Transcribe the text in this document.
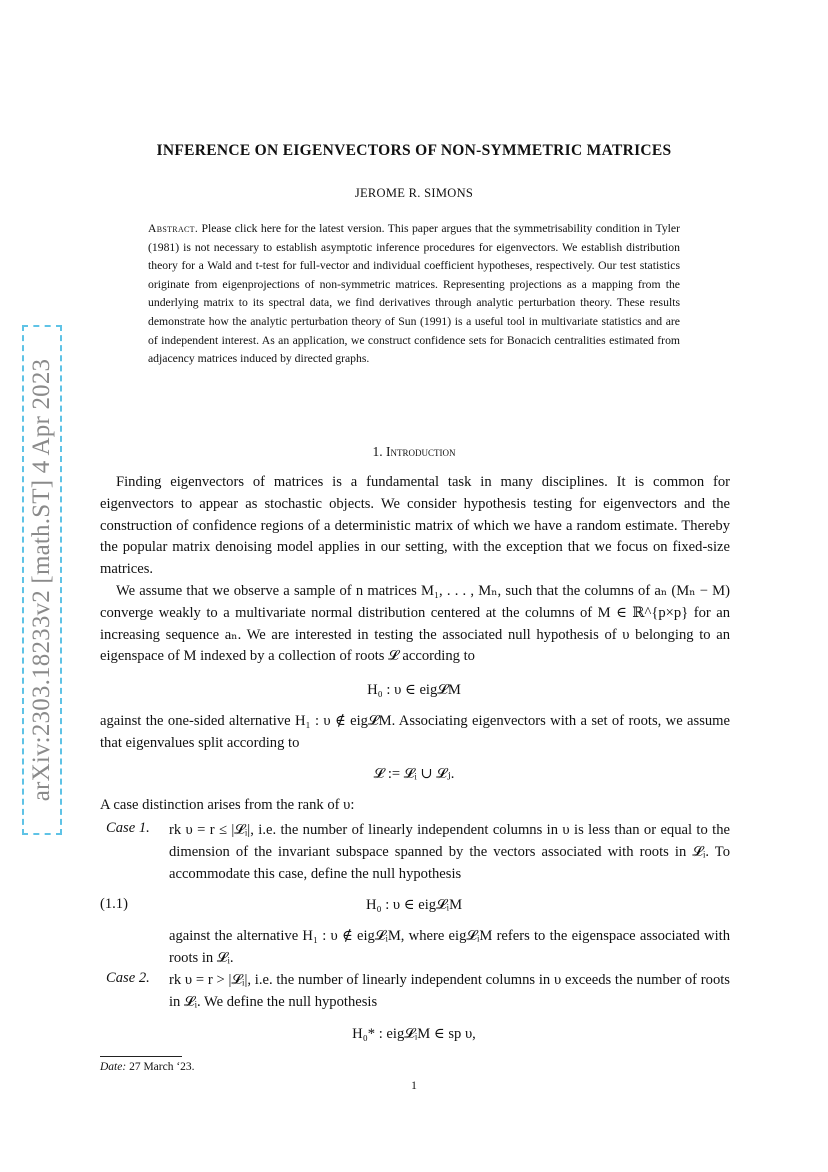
arXiv:2303.18233v2 [math.ST] 4 Apr 2023
INFERENCE ON EIGENVECTORS OF NON-SYMMETRIC MATRICES
JEROME R. SIMONS
Abstract. Please click here for the latest version. This paper argues that the symmetrisability condition in Tyler (1981) is not necessary to establish asymptotic inference procedures for eigenvectors. We establish distribution theory for a Wald and t-test for full-vector and individual coefficient hypotheses, respectively. Our test statistics originate from eigenprojections of non-symmetric matrices. Representing projections as a mapping from the underlying matrix to its spectral data, we find derivatives through analytic perturbation theory. These results demonstrate how the analytic perturbation theory of Sun (1991) is a useful tool in multivariate statistics and are of independent interest. As an application, we construct confidence sets for Bonacich centralities estimated from adjacency matrices induced by directed graphs.
1. Introduction

Finding eigenvectors of matrices is a fundamental task in many disciplines. It is common for eigenvectors to appear as stochastic objects. We consider hypothesis testing for eigenvectors and the construction of confidence regions of a deterministic matrix of which we have a random estimate. Thereby the popular matrix denoising model applies in our setting, with the exception that we focus on fixed-size matrices.

We assume that we observe a sample of n matrices M₁, . . . , Mₙ, such that the columns of aₙ (Mₙ − M) converge weakly to a multivariate normal distribution centered at the columns of M ∈ ℝ^{p×p} for an increasing sequence aₙ. We are interested in testing the associated null hypothesis of υ belonging to an eigenspace of M indexed by a collection of roots 𝓛 according to

H₀ : υ ∈ eig𝓛M

against the one-sided alternative H₁ : υ ∉ eig𝓛M. Associating eigenvectors with a set of roots, we assume that eigenvalues split according to

𝓛 := 𝓛ᵢ ∪ 𝓛ⱼ.

A case distinction arises from the rank of υ:

Case 1. rk υ = r ≤ |𝓛ᵢ|, i.e. the number of linearly independent columns in υ is less than or equal to the dimension of the invariant subspace spanned by the vectors associated with roots in 𝓛ᵢ. To accommodate this case, define the null hypothesis

(1.1)	H₀ : υ ∈ eig𝓛ᵢM

against the alternative H₁ : υ ∉ eig𝓛ᵢM, where eig𝓛ᵢM refers to the eigenspace associated with roots in 𝓛ᵢ.

Case 2. rk υ = r > |𝓛ᵢ|, i.e. the number of linearly independent columns in υ exceeds the number of roots in 𝓛ᵢ. We define the null hypothesis

H₀* : eig𝓛ᵢM ∈ sp υ,
Date: 27 March ‘23.
1
